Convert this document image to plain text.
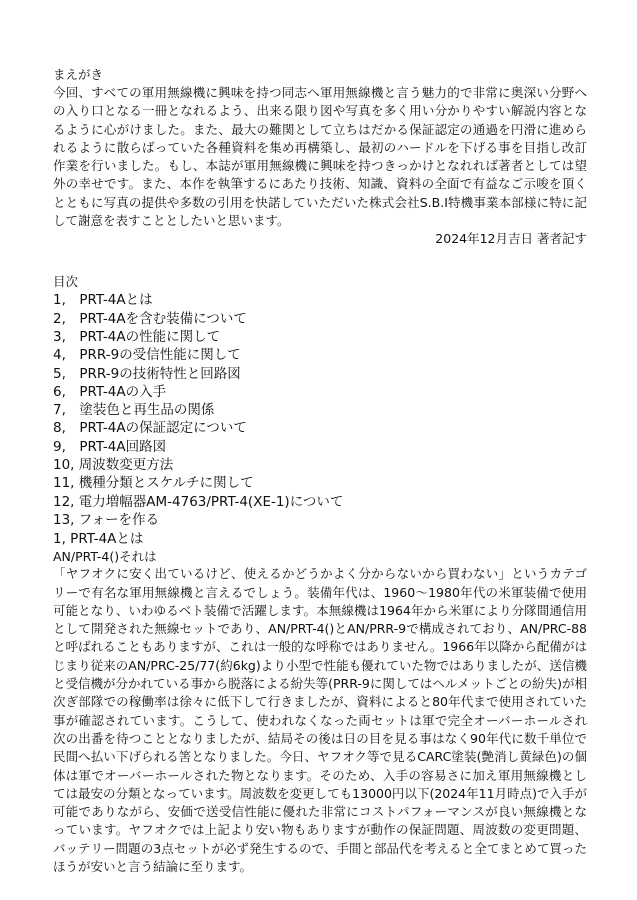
まえがき

今回、すべての軍用無線機に興味を持つ同志へ軍用無線機と言う魅力的で非常に奥深い分野への入り口となる一冊となれるよう、出来る限り図や写真を多く用い分かりやすい解説内容となるように心がけました。また、最大の難関として立ちはだかる保証認定の通過を円滑に進められるように散らばっていた各種資料を集め再構築し、最初のハードルを下げる事を目指し改訂作業を行いました。もし、本誌が軍用無線機に興味を持つきっかけとなれれば著者としては望外の幸せです。また、本作を執筆するにあたり技術、知識、資料の全面で有益なご示唆を頂くとともに写真の提供や多数の引用を快諾していただいた株式会社S.B.I特機事業本部様に特に記して謝意を表すこととしたいと思います。

2024年12月吉日 著者記す
目次
1,　PRT-4Aとは
2,　PRT-4Aを含む装備について
3,　PRT-4Aの性能に関して
4,　PRR-9の受信性能に関して
5,　PRR-9の技術特性と回路図
6,　PRT-4Aの入手
7,　塗装色と再生品の関係
8,　PRT-4Aの保証認定について
9,　PRT-4A回路図
10, 周波数変更方法
11, 機種分類とスケルチに関して
12, 電力増幅器AM-4763/PRT-4(XE-1)について
13, フォーを作る
1, PRT-4Aとは
AN/PRT-4()それは

「ヤフオクに安く出ているけど、使えるかどうかよく分からないから買わない」というカテゴリーで有名な軍用無線機と言えるでしょう。装備年代は、1960～1980年代の米軍装備で使用可能となり、いわゆるベト装備で活躍します。本無線機は1964年から米軍により分隊間通信用として開発された無線セットであり、AN/PRT-4()とAN/PRR-9で構成されており、AN/PRC-88と呼ばれることもありますが、これは一般的な呼称ではありません。1966年以降から配備がはじまり従来のAN/PRC-25/77(約6kg)より小型で性能も優れていた物ではありましたが、送信機と受信機が分かれている事から脱落による紛失等(PRR-9に関してはヘルメットごとの紛失)が相次ぎ部隊での稼働率は徐々に低下して行きましたが、資料によると80年代まで使用されていた事が確認されています。こうして、使われなくなった両セットは軍で完全オーバーホールされ次の出番を待つこととなりましたが、結局その後は日の目を見る事はなく90年代に数千単位で民間へ払い下げられる筈となりました。今日、ヤフオク等で見るCARC塗装(艶消し黄緑色)の個体は軍でオーバーホールされた物となります。そのため、入手の容易さに加え軍用無線機としては最安の分類となっています。周波数を変更しても13000円以下(2024年11月時点)で入手が可能でありながら、安価で送受信性能に優れた非常にコストパフォーマンスが良い無線機となっています。ヤフオクでは上記より安い物もありますが動作の保証問題、周波数の変更問題、バッテリー問題の3点セットが必ず発生するので、手間と部品代を考えると全てまとめて買ったほうが安いと言う結論に至ります。
